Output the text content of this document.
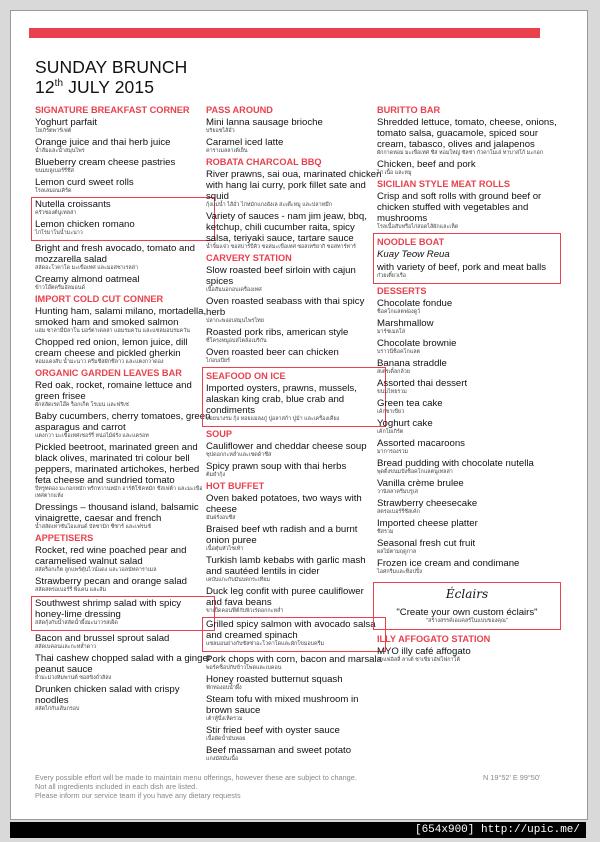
SUNDAY BRUNCH
12th JULY 2015
SIGNATURE BREAKFAST CORNER
Yoghurt parfait
โยเกิร์ตพาร์เฟต์
Orange juice and thai herb juice
น้ำส้มและน้ำสมุนไพร
Blueberry cream cheese pastries
ขนมบลูเบอร์รี่ชีส
Lemon curd sweet rolls
โรลเลมอนเคิร์ด
Nutella croissants
ครัวซองต์นูเทลล่า
Lemon chicken romano
ไก่โรมาโนน้ำมะนาว
Bright and fresh avocado, tomato and mozzarella salad
สลัดอะโวคาโด มะเขือเทศ และมอสซาเรลล่า
Creamy almond oatmeal
ข้าวโอ๊ตครีมอัลมอนด์
IMPORT COLD CUT CONNER
Hunting ham, salami milano, mortadella, smoked ham and smoked salmon
แฮม ซาลามี่มิลาโน มอร์ตาเดลล่า แฮมรมควัน และแซลมอนรมควัน
Chopped red onion, lemon juice, dill cream cheese and pickled gherkin
หอมแดงสับ น้ำมะนาว ครีมชีสผักชีลาว และแตงกวาดอง
ORGANIC GARDEN LEAVES BAR
Red oak, rocket, romaine lettuce and green frisee
ผักสลัดเรดโอ๊ค ร็อกเก็ต โรเมน และฟริเซ่
Baby cucumbers, cherry tomatoes, green asparagus and carrot
แตงกวา มะเขือเทศเชอร์รี่ หน่อไม้ฝรั่ง และแครอท
Pickled beetroot, marinated green and black olives, marinated tri colour bell peppers, marinated artichokes, herbed feta cheese and sundried tomato
บีทรูทดอง มะกอกหมัก พริกหวานหมัก อาร์ติโช้คหมัก ชีสเฟต้า และมะเขือเทศตากแห้ง
Dressings – thousand island, balsamic vinaigrette, caesar and french
น้ำสลัดเทาซันไอแลนด์ บัลซามิก ซีซาร์ และเฟรนช์
APPETISERS
Rocket, red wine poached pear and caramelised walnut salad
สลัดร็อกเก็ต ลูกแพร์ตุ๋นไวน์แดง และวอลนัทคาราเมล
Strawberry pecan and orange salad
สลัดสตรอเบอร์รี่ พีแคน และส้ม
Southwest shrimp salad with spicy honey-lime dressing
สลัดกุ้งกับน้ำสลัดน้ำผึ้งมะนาวรสเผ็ด
Bacon and brussel sprout salad
สลัดเบคอนและกะหล่ำดาว
Thai cashew chopped salad with a ginger peanut sauce
ยำมะม่วงหิมพานต์ ซอสขิงถั่วลิสง
Drunken chicken salad with crispy noodles
สลัดไก่กับเส้นกรอบ
PASS AROUND
Mini lanna sausage brioche
บริยอชไส้อั่ว
Caramel iced latte
คาราเมลลาเต้เย็น
ROBATA CHARCOAL BBQ
River prawns, sai oua, marinated chicken with hang lai curry, pork fillet sate and squid
กุ้งแม่น้ำ ไส้อั่ว ไก่หมักแกงฮังเล สะเต๊ะหมู และปลาหมึก
Variety of sauces - nam jim jeaw, bbq, ketchup, chili cucumber raita, spicy salsa, teriyaki sauce, tartare sauce
น้ำจิ้มแจ่ว ซอสบาร์บีคิว ซอสมะเขือเทศ ซอสเทริยากิ ซอสทาร์ทาร์
CARVERY STATION
Slow roasted beef sirloin with cajun spices
เนื้อสันนอกอบเครื่องเทศ
Oven roasted seabass with thai spicy herb
ปลากะพงอบสมุนไพรไทย
Roasted pork ribs, american style
ซี่โครงหมูอบสไตล์อเมริกัน
Oven roasted beer can chicken
ไก่อบเบียร์
SEAFOOD ON ICE
Imported oysters, prawns, mussels, alaskan king crab, blue crab and condiments
หอยนางรม กุ้ง หอยแมลงภู่ ปูอลาสก้า ปูม้า และเครื่องเคียง
SOUP
Cauliflower and cheddar cheese soup
ซุปดอกกะหล่ำและเชดด้าชีส
Spicy prawn soup with thai herbs
ต้มยำกุ้ง
HOT BUFFET
Oven baked potatoes, two ways with cheese
มันฝรั่งอบชีส
Braised beef wth radish and a burnt onion puree
เนื้อตุ๋นหัวไชเท้า
Turkish lamb kebabs with garlic mash and sautéed lentils in cider
เคบับแกะกับมันบดกระเทียม
Duck leg confit with puree cauliflower and fava beans
ขาเป็ดคอนฟีต์กับพิวเร่ดอกกะหล่ำ
Grilled spicy salmon with avocado salsa and creamed spinach
แซลมอนย่างกับซัลซ่าอะโวคาโดและผักโขมอบครีม
Pork chops with corn, bacon and marsala
พอร์คช็อปกับข้าวโพดและเบคอน
Honey roasted butternut squash
ฟักทองอบน้ำผึ้ง
Steam tofu with mixed mushroom in brown sauce
เต้าหู้นึ่งเห็ดรวม
Stir fried beef with oyster sauce
เนื้อผัดน้ำมันหอย
Beef massaman and sweet potato
แกงมัสมั่นเนื้อ
BURITTO BAR
Shredded lettuce, tomato, cheese, onions, tomato salsa, guacamole, spiced sour cream, tabasco, olives and jalapenos
ผักกาดหอม มะเขือเทศ ชีส หอมใหญ่ ซัลซ่า กัวคาโมเล่ ทาบาสโก้ มะกอก
Chicken, beef and pork
ไก่ เนื้อ และหมู
SICILIAN STYLE MEAT ROLLS
Crisp and soft rolls with ground beef or chicken stuffed with vegetables and mushrooms
โรลเนื้อสับหรือไก่สอดไส้ผักและเห็ด
NOODLE BOAT
Kuay Teow Reua
with variety of beef, pork and meat balls
ก๋วยเตี๋ยวเรือ
DESSERTS
Chocolate fondue
ช็อคโกแลตฟองดูว์
Marshmallow
มาร์ชเมลโล่
Chocolate brownie
บราวนี่ช็อคโกแลต
Banana straddle
สเตรเดิ้ลกล้วย
Assorted thai dessert
ขนมไทยรวม
Green tea cake
เค้กชาเขียว
Yoghurt cake
เค้กโยเกิร์ต
Assorted macaroons
มาการองรวม
Bread pudding with chocolate nutella
พุดดิ้งขนมปังช็อคโกแลตนูเทลล่า
Vanilla crème brulee
วานิลลาครีมบรูเล่
Strawberry cheesecake
สตรอเบอร์รี่ชีสเค้ก
Imported cheese platter
ชีสรวม
Seasonal fresh cut fruit
ผลไม้ตามฤดูกาล
Frozen ice cream and condimane
ไอศกรีมและท็อปปิ้ง
Éclairs
"Create your own custom éclairs"
"สร้างสรรค์เอแคลร์ในแบบของคุณ"
ILLY AFFOGATO STATION
MYO illy café affogato
กาแฟอิลลี่ ลาเต้ ชาเขียวอัฟโฟกาโต้
Every possible effort will be made to maintain menu offerings, however these are subject to change.
Not all ingredients included in each dish are listed.
Please inform our service team if you have any dietary requests
N 19°52' E 99°50'
[654x900] http://upic.me/
